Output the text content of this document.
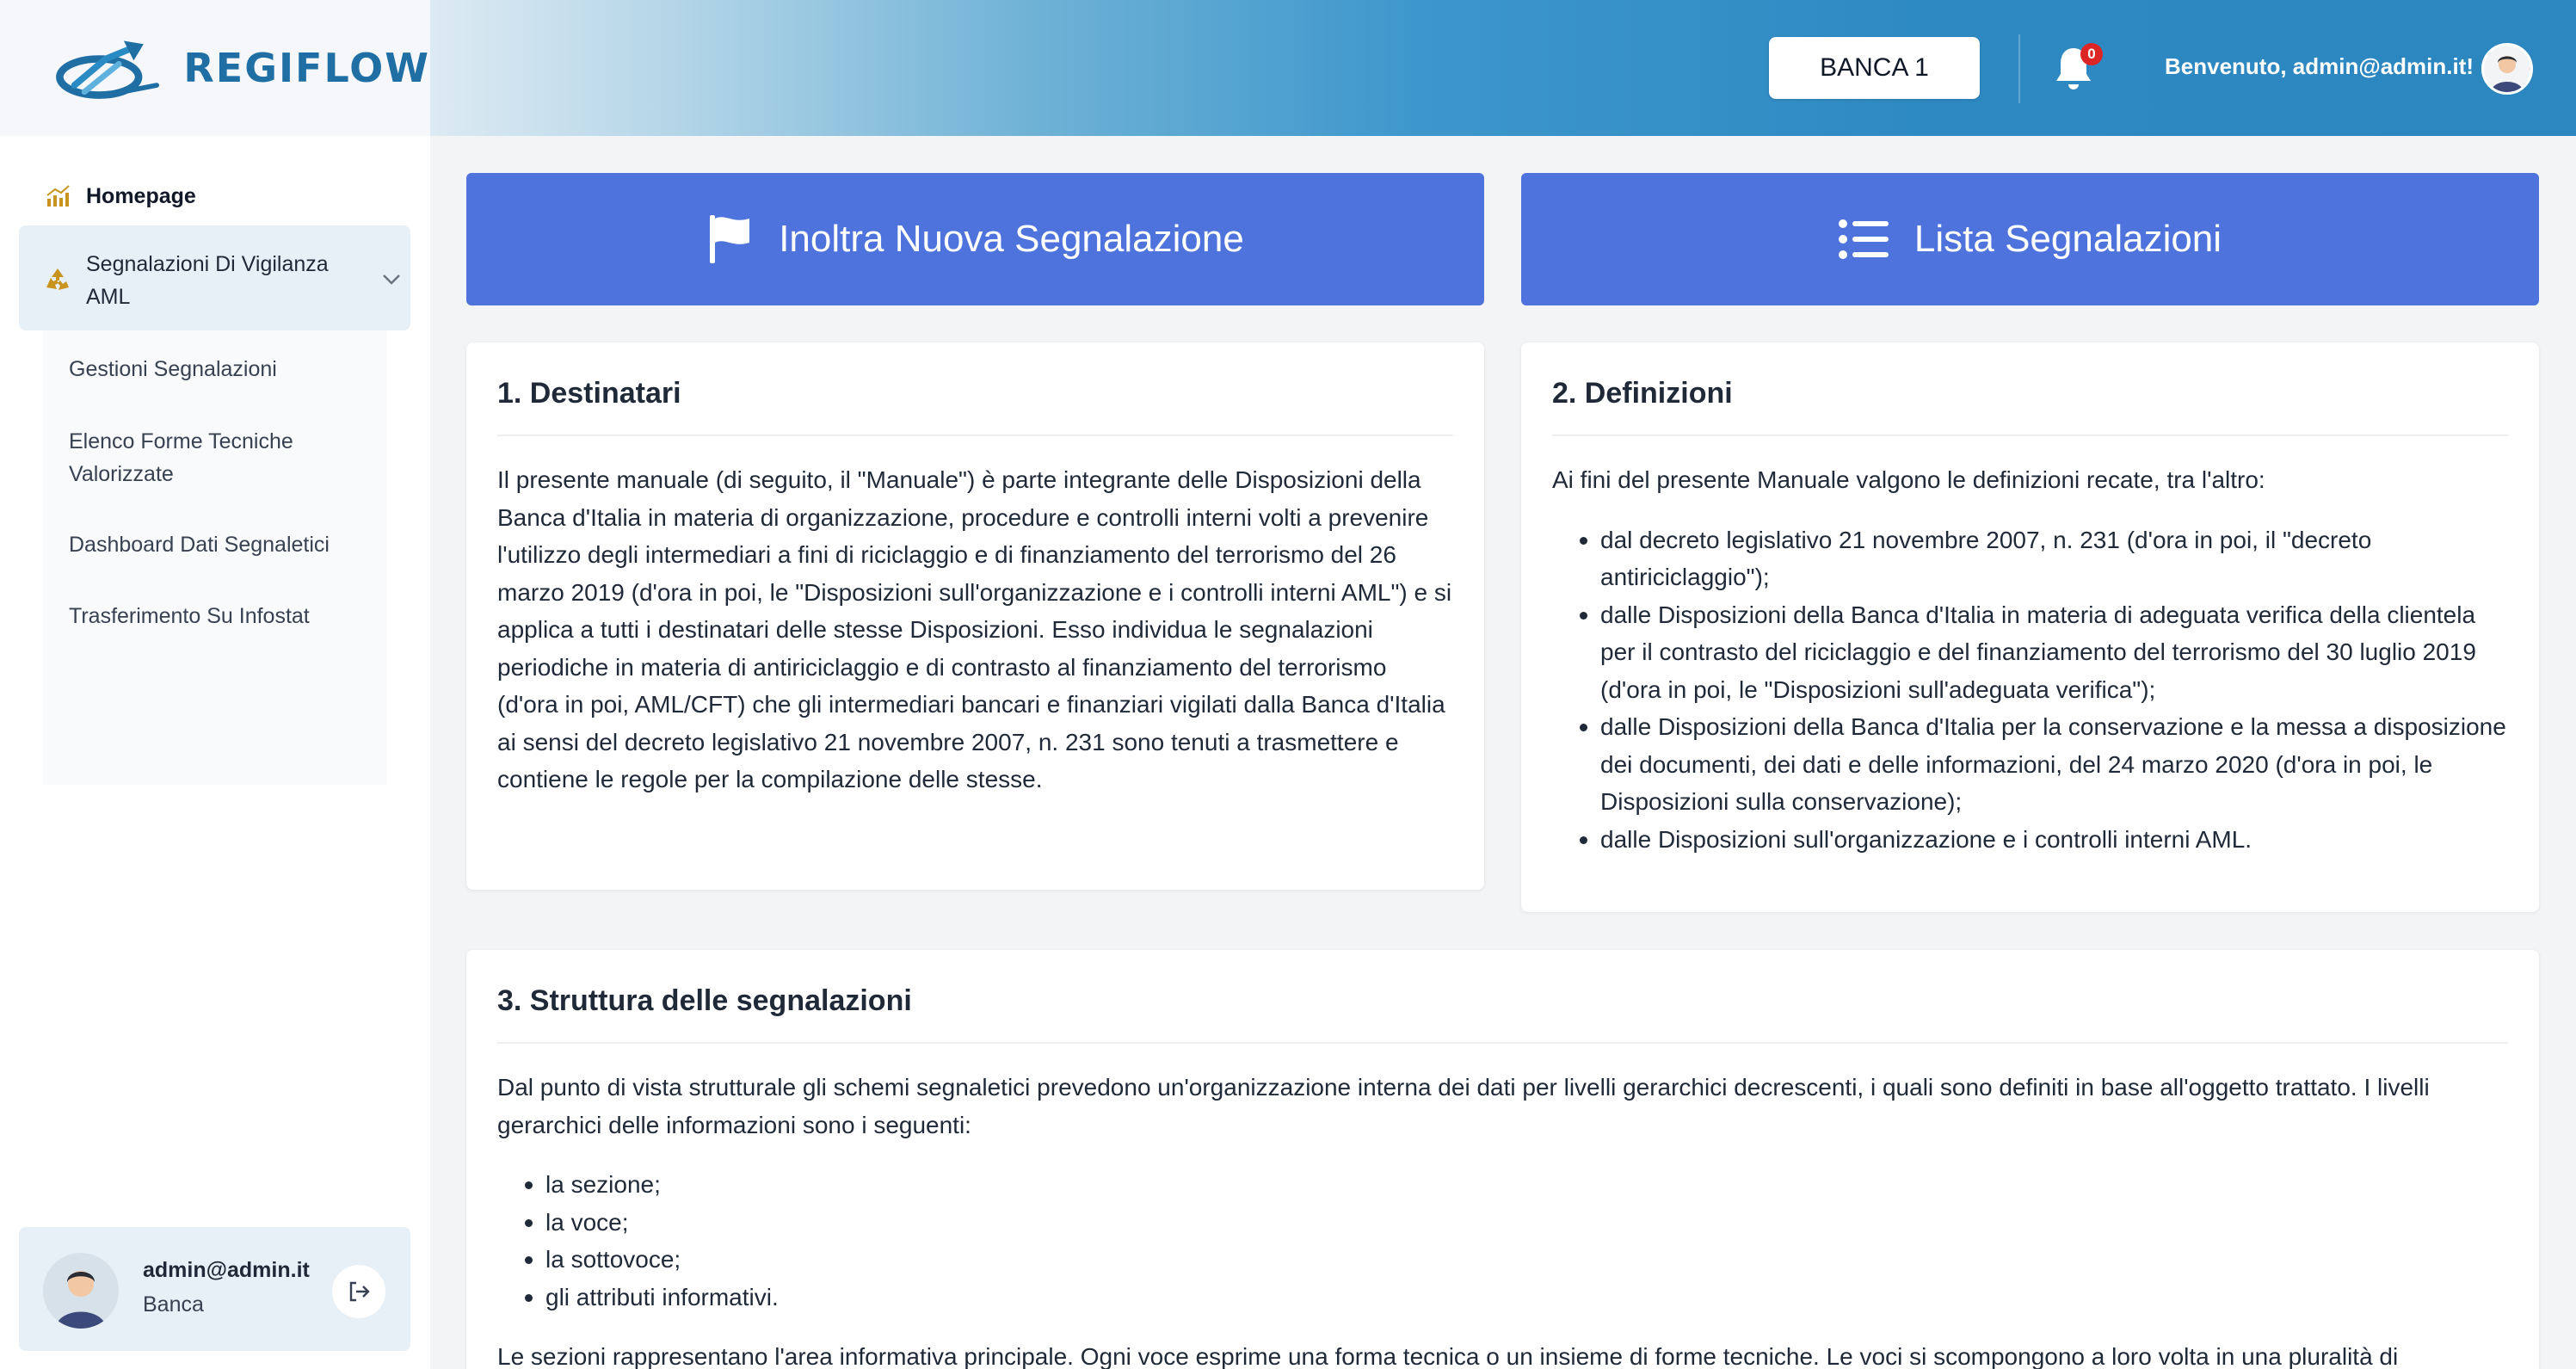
REGIFLOW	BANCA 1	0	Benvenuto, admin@admin.it!
Homepage
Segnalazioni Di Vigilanza AML
Gestioni Segnalazioni
Elenco Forme Tecniche Valorizzate
Dashboard Dati Segnaletici
Trasferimento Su Infostat
admin@admin.it
Banca
Inoltra Nuova Segnalazione	Lista Segnalazioni
1. Destinatari

Il presente manuale (di seguito, il "Manuale") è parte integrante delle Disposizioni della Banca d'Italia in materia di organizzazione, procedure e controlli interni volti a prevenire l'utilizzo degli intermediari a fini di riciclaggio e di finanziamento del terrorismo del 26 marzo 2019 (d'ora in poi, le "Disposizioni sull'organizzazione e i controlli interni AML") e si applica a tutti i destinatari delle stesse Disposizioni. Esso individua le segnalazioni periodiche in materia di antiriciclaggio e di contrasto al finanziamento del terrorismo (d'ora in poi, AML/CFT) che gli intermediari bancari e finanziari vigilati dalla Banca d'Italia ai sensi del decreto legislativo 21 novembre 2007, n. 231 sono tenuti a trasmettere e contiene le regole per la compilazione delle stesse.

2. Definizioni

Ai fini del presente Manuale valgono le definizioni recate, tra l'altro:

dal decreto legislativo 21 novembre 2007, n. 231 (d'ora in poi, il "decreto antiriciclaggio");
dalle Disposizioni della Banca d'Italia in materia di adeguata verifica della clientela per il contrasto del riciclaggio e del finanziamento del terrorismo del 30 luglio 2019 (d'ora in poi, le "Disposizioni sull'adeguata verifica");
dalle Disposizioni della Banca d'Italia per la conservazione e la messa a disposizione dei documenti, dei dati e delle informazioni, del 24 marzo 2020 (d'ora in poi, le Disposizioni sulla conservazione);
dalle Disposizioni sull'organizzazione e i controlli interni AML.
3. Struttura delle segnalazioni

Dal punto di vista strutturale gli schemi segnaletici prevedono un'organizzazione interna dei dati per livelli gerarchici decrescenti, i quali sono definiti in base all'oggetto trattato. I livelli gerarchici delle informazioni sono i seguenti:

la sezione;
la voce;
la sottovoce;
gli attributi informativi.

Le sezioni rappresentano l'area informativa principale. Ogni voce esprime una forma tecnica o un insieme di forme tecniche. Le voci si scompongono a loro volta in una pluralità di
